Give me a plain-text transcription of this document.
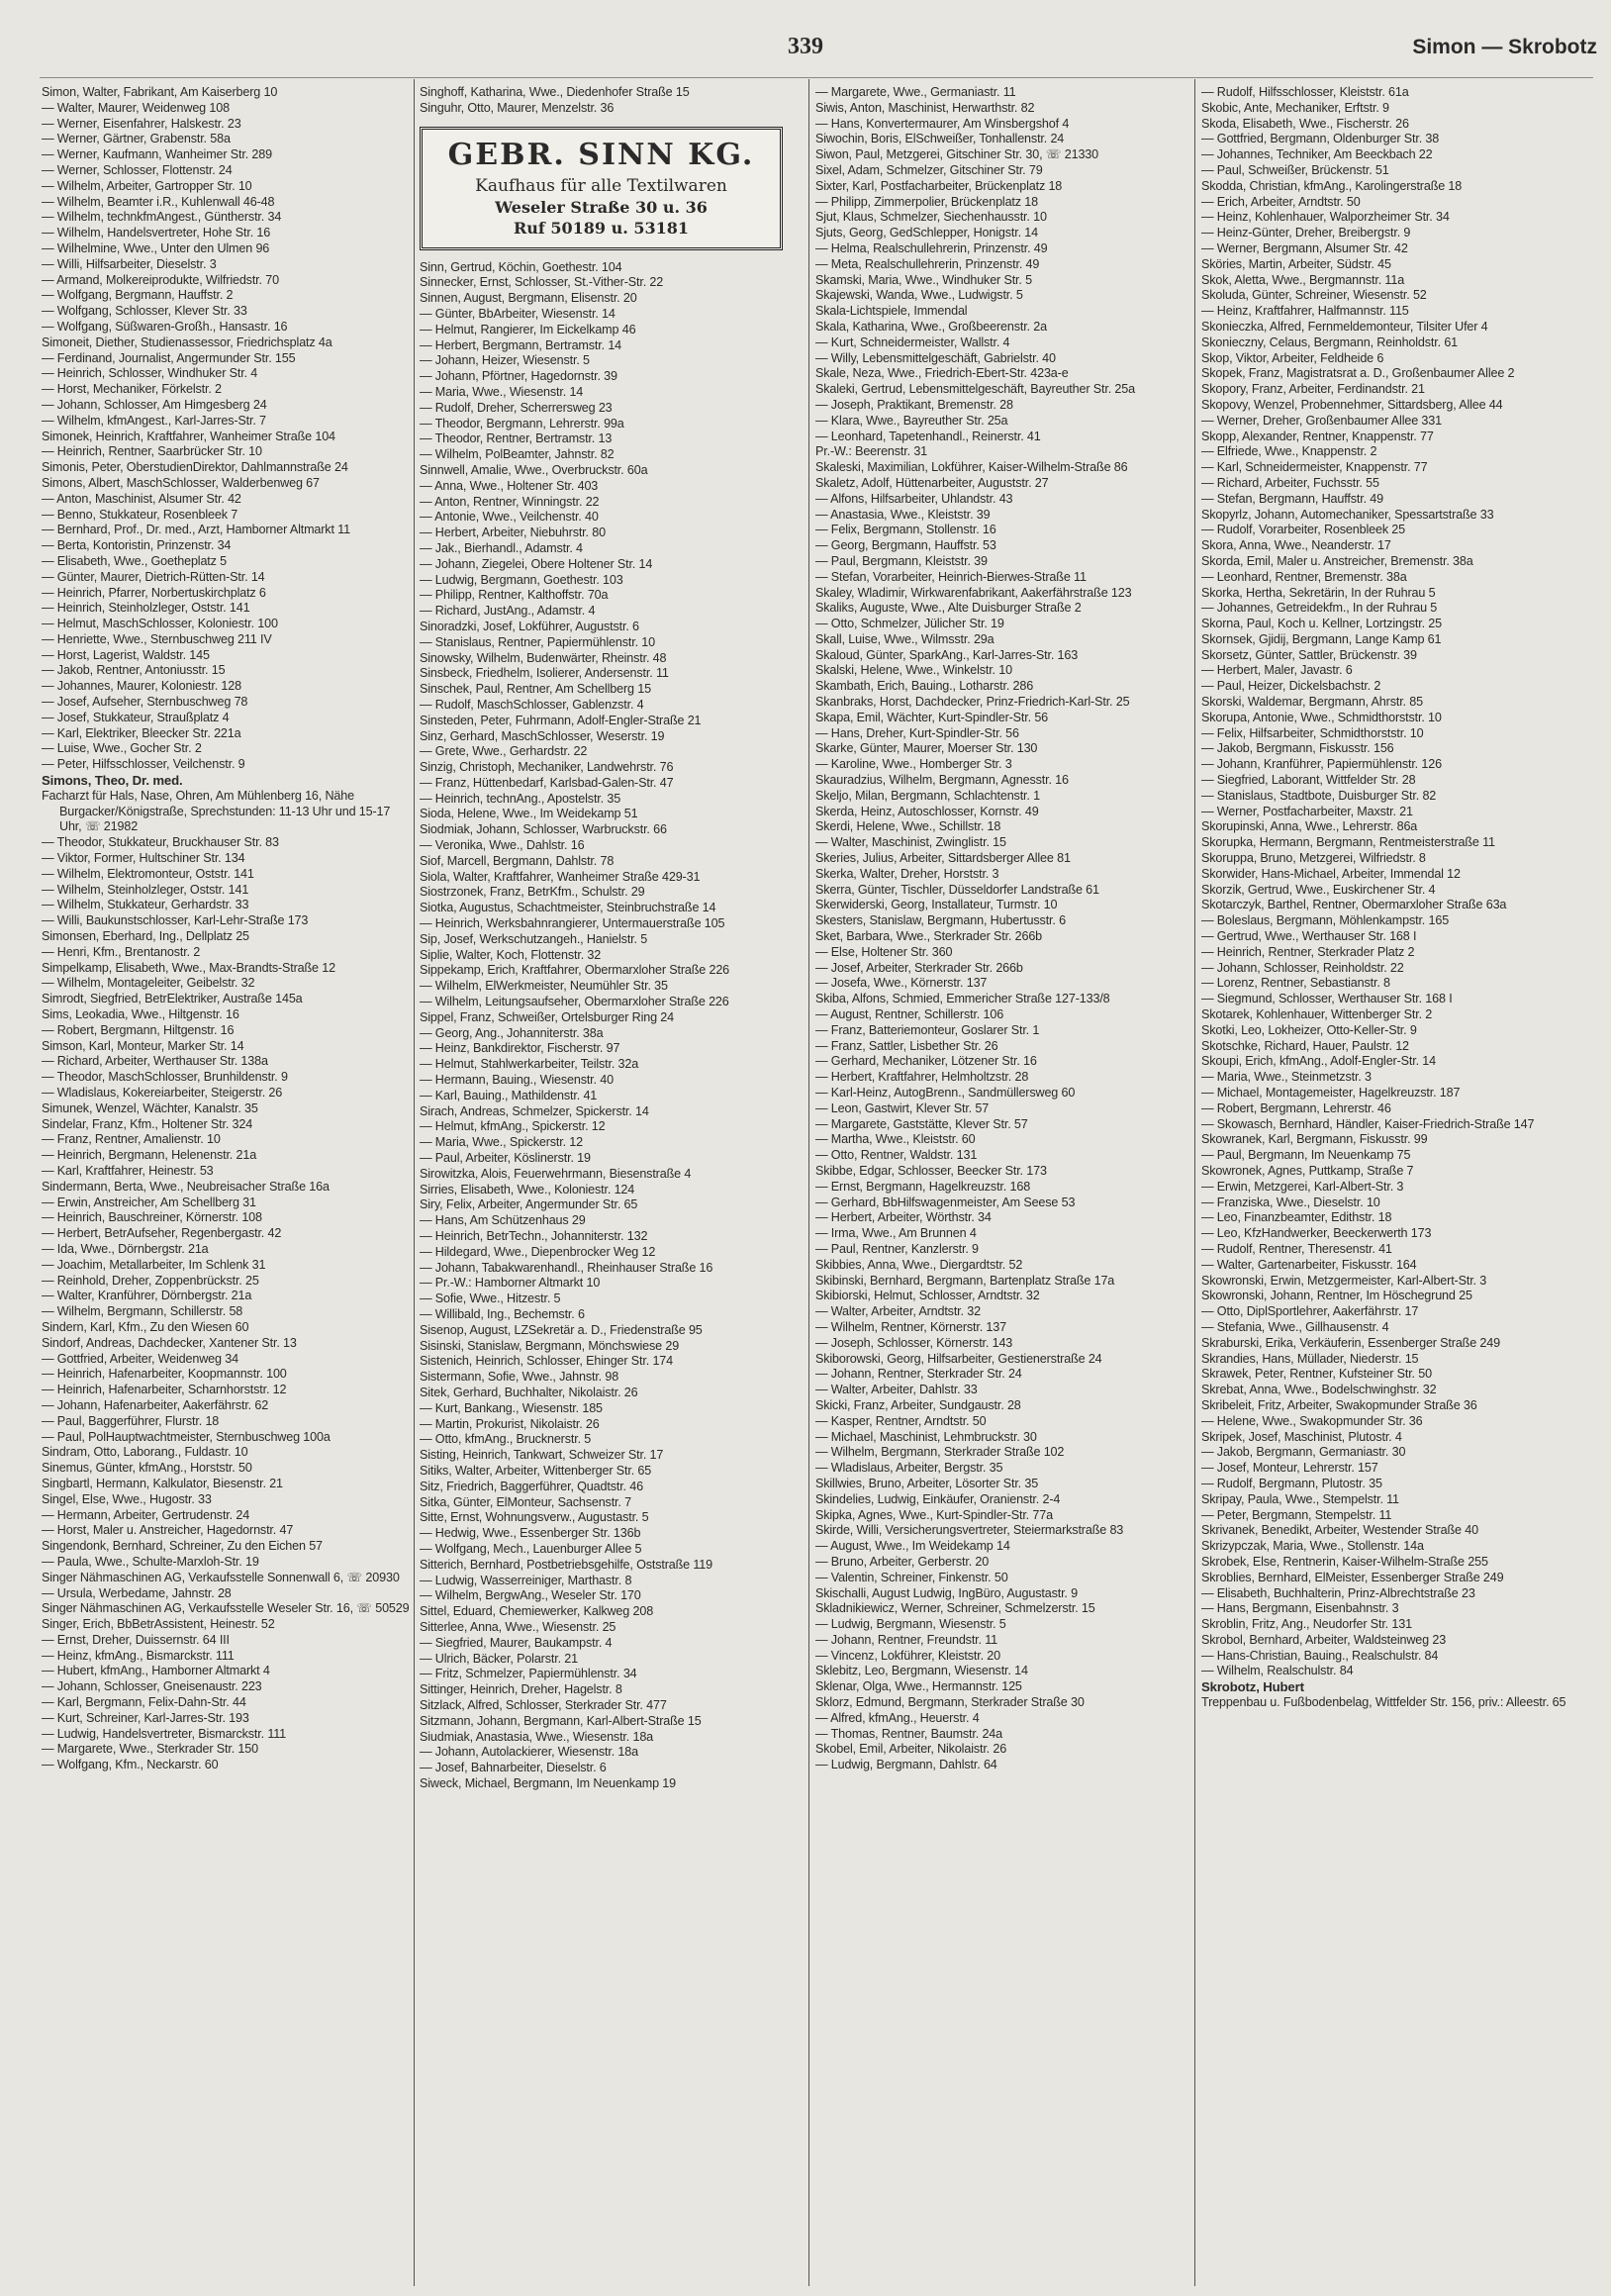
339	Simon — Skrobotz
Simon, Walter, Fabrikant, Am Kaiserberg 10
— Walter, Maurer, Weidenweg 108
— Werner, Eisenfahrer, Halskestr. 23
— Werner, Gärtner, Grabenstr. 58a
— Werner, Kaufmann, Wanheimer Str. 289
— Werner, Schlosser, Flottenstr. 24
— Wilhelm, Arbeiter, Gartropper Str. 10
— Wilhelm, Beamter i.R., Kuhlenwall 46-48
— Wilhelm, technkfmAngest., Güntherstr. 34
— Wilhelm, Handelsvertreter, Hohe Str. 16
— Wilhelmine, Wwe., Unter den Ulmen 96
— Willi, Hilfsarbeiter, Dieselstr. 3
— Armand, Molkereiprodukte, Wilfriedstr. 70
— Wolfgang, Bergmann, Hauffstr. 2
— Wolfgang, Schlosser, Klever Str. 33
— Wolfgang, Süßwaren-Großh., Hansastr. 16
Simoneit, Diether, Studienassessor, Friedrichsplatz 4a
— Ferdinand, Journalist, Angermunder Str. 155
— Heinrich, Schlosser, Windhuker Str. 4
— Horst, Mechaniker, Förkelstr. 2
— Johann, Schlosser, Am Himgesberg 24
— Wilhelm, kfmAngest., Karl-Jarres-Str. 7
Simonek, Heinrich, Kraftfahrer, Wanheimer Straße 104
— Heinrich, Rentner, Saarbrücker Str. 10
Simonis, Peter, OberstudienDirektor, Dahlmannstraße 24
Simons, Albert, MaschSchlosser, Walderbenweg 67
— Anton, Maschinist, Alsumer Str. 42
— Benno, Stukkateur, Rosenbleek 7
— Bernhard, Prof., Dr. med., Arzt, Hamborner Altmarkt 11
— Berta, Kontoristin, Prinzenstr. 34
— Elisabeth, Wwe., Goetheplatz 5
— Günter, Maurer, Dietrich-Rütten-Str. 14
— Heinrich, Pfarrer, Norbertuskirchplatz 6
— Heinrich, Steinholzleger, Oststr. 141
— Helmut, MaschSchlosser, Koloniestr. 100
— Henriette, Wwe., Sternbuschweg 211 IV
— Horst, Lagerist, Waldstr. 145
— Jakob, Rentner, Antoniusstr. 15
— Johannes, Maurer, Koloniestr. 128
— Josef, Aufseher, Sternbuschweg 78
— Josef, Stukkateur, Straußplatz 4
— Karl, Elektriker, Bleecker Str. 221a
— Luise, Wwe., Gocher Str. 2
— Peter, Hilfsschlosser, Veilchenstr. 9
Simons, Theo, Dr. med.
Facharzt für Hals, Nase, Ohren, Am Mühlenberg 16, Nähe Burgacker/Königstraße, Sprechstunden: 11-13 Uhr und 15-17 Uhr, ☏ 21982
— Theodor, Stukkateur, Bruckhauser Str. 83
— Viktor, Former, Hultschiner Str. 134
— Wilhelm, Elektromonteur, Oststr. 141
— Wilhelm, Steinholzleger, Oststr. 141
— Wilhelm, Stukkateur, Gerhardstr. 33
— Willi, Baukunstschlosser, Karl-Lehr-Straße 173
Simonsen, Eberhard, Ing., Dellplatz 25
— Henri, Kfm., Brentanostr. 2
Simpelkamp, Elisabeth, Wwe., Max-Brandts-Straße 12
— Wilhelm, Montageleiter, Geibelstr. 32
Simrodt, Siegfried, BetrElektriker, Austraße 145a
Sims, Leokadia, Wwe., Hiltgenstr. 16
— Robert, Bergmann, Hiltgenstr. 16
Simson, Karl, Monteur, Marker Str. 14
— Richard, Arbeiter, Werthauser Str. 138a
— Theodor, MaschSchlosser, Brunhildenstr. 9
— Wladislaus, Kokereiarbeiter, Steigerstr. 26
Simunek, Wenzel, Wächter, Kanalstr. 35
Sindelar, Franz, Kfm., Holtener Str. 324
— Franz, Rentner, Amalienstr. 10
— Heinrich, Bergmann, Helenenstr. 21a
— Karl, Kraftfahrer, Heinestr. 53
Sindermann, Berta, Wwe., Neubreisacher Straße 16a
— Erwin, Anstreicher, Am Schellberg 31
— Heinrich, Bauschreiner, Körnerstr. 108
— Herbert, BetrAufseher, Regenbergastr. 42
— Ida, Wwe., Dörnbergstr. 21a
— Joachim, Metallarbeiter, Im Schlenk 31
— Reinhold, Dreher, Zoppenbrückstr. 25
— Walter, Kranführer, Dörnbergstr. 21a
— Wilhelm, Bergmann, Schillerstr. 58
Sindern, Karl, Kfm., Zu den Wiesen 60
Sindorf, Andreas, Dachdecker, Xantener Str. 13
— Gottfried, Arbeiter, Weidenweg 34
— Heinrich, Hafenarbeiter, Koopmannstr. 100
— Heinrich, Hafenarbeiter, Scharnhorststr. 12
— Johann, Hafenarbeiter, Aakerfährstr. 62
— Paul, Baggerführer, Flurstr. 18
— Paul, PolHauptwachtmeister, Sternbuschweg 100a
Sindram, Otto, Laborang., Fuldastr. 10
Sinemus, Günter, kfmAng., Horststr. 50
Singbartl, Hermann, Kalkulator, Biesenstr. 21
Singel, Else, Wwe., Hugostr. 33
— Hermann, Arbeiter, Gertrudenstr. 24
— Horst, Maler u. Anstreicher, Hagedornstr. 47
Singendonk, Bernhard, Schreiner, Zu den Eichen 57
— Paula, Wwe., Schulte-Marxloh-Str. 19
Singer Nähmaschinen AG, Verkaufsstelle Sonnenwall 6, ☏ 20930
— Ursula, Werbedame, Jahnstr. 28
Singer Nähmaschinen AG, Verkaufsstelle Weseler Str. 16, ☏ 50529
Singer, Erich, BbBetrAssistent, Heinestr. 52
— Ernst, Dreher, Duissernstr. 64 III
— Heinz, kfmAng., Bismarckstr. 111
— Hubert, kfmAng., Hamborner Altmarkt 4
— Johann, Schlosser, Gneisenaustr. 223
— Karl, Bergmann, Felix-Dahn-Str. 44
— Kurt, Schreiner, Karl-Jarres-Str. 193
— Ludwig, Handelsvertreter, Bismarckstr. 111
— Margarete, Wwe., Sterkrader Str. 150
— Wolfgang, Kfm., Neckarstr. 60
Singhoff, Katharina, Wwe., Diedenhofer Straße 15
Singuhr, Otto, Maurer, Menzelstr. 36
GEBR. SINN KG.
Kaufhaus für alle Textilwaren
Weseler Straße 30 u. 36
Ruf 50189 u. 53181
Sinn, Gertrud, Köchin, Goethestr. 104
Sinnecker, Ernst, Schlosser, St.-Vither-Str. 22
Sinnen, August, Bergmann, Elisenstr. 20
— Günter, BbArbeiter, Wiesenstr. 14
— Helmut, Rangierer, Im Eickelkamp 46
— Herbert, Bergmann, Bertramstr. 14
— Johann, Heizer, Wiesenstr. 5
— Johann, Pförtner, Hagedornstr. 39
— Maria, Wwe., Wiesenstr. 14
— Rudolf, Dreher, Scherrersweg 23
— Theodor, Bergmann, Lehrerstr. 99a
— Theodor, Rentner, Bertramstr. 13
— Wilhelm, PolBeamter, Jahnstr. 82
Sinnwell, Amalie, Wwe., Overbruckstr. 60a
— Anna, Wwe., Holtener Str. 403
— Anton, Rentner, Winningstr. 22
— Antonie, Wwe., Veilchenstr. 40
— Herbert, Arbeiter, Niebuhrstr. 80
— Jak., Bierhandl., Adamstr. 4
— Johann, Ziegelei, Obere Holtener Str. 14
— Ludwig, Bergmann, Goethestr. 103
— Philipp, Rentner, Kalthoffstr. 70a
— Richard, JustAng., Adamstr. 4
Sinoradzki, Josef, Lokführer, Auguststr. 6
— Stanislaus, Rentner, Papiermühlenstr. 10
Sinowsky, Wilhelm, Budenwärter, Rheinstr. 48
Sinsbeck, Friedhelm, Isolierer, Andersenstr. 11
Sinschek, Paul, Rentner, Am Schellberg 15
— Rudolf, MaschSchlosser, Gablenzstr. 4
Sinsteden, Peter, Fuhrmann, Adolf-Engler-Straße 21
Sinz, Gerhard, MaschSchlosser, Weserstr. 19
— Grete, Wwe., Gerhardstr. 22
Sinzig, Christoph, Mechaniker, Landwehrstr. 76
— Franz, Hüttenbedarf, Karlsbad-Galen-Str. 47
— Heinrich, technAng., Apostelstr. 35
Sioda, Helene, Wwe., Im Weidekamp 51
Siodmiak, Johann, Schlosser, Warbruckstr. 66
— Veronika, Wwe., Dahlstr. 16
Siof, Marcell, Bergmann, Dahlstr. 78
Siola, Walter, Kraftfahrer, Wanheimer Straße 429-31
Siostrzonek, Franz, BetrKfm., Schulstr. 29
Siotka, Augustus, Schachtmeister, Steinbruchstraße 14
— Heinrich, Werksbahnrangierer, Untermauerstraße 105
Sip, Josef, Werkschutzangeh., Hanielstr. 5
Siplie, Walter, Koch, Flottenstr. 32
Sippekamp, Erich, Kraftfahrer, Obermarxloher Straße 226
— Wilhelm, ElWerkmeister, Neumühler Str. 35
— Wilhelm, Leitungsaufseher, Obermarxloher Straße 226
Sippel, Franz, Schweißer, Ortelsburger Ring 24
— Georg, Ang., Johanniterstr. 38a
— Heinz, Bankdirektor, Fischerstr. 97
— Helmut, Stahlwerkarbeiter, Teilstr. 32a
— Hermann, Bauing., Wiesenstr. 40
— Karl, Bauing., Mathildenstr. 41
Sirach, Andreas, Schmelzer, Spickerstr. 14
— Helmut, kfmAng., Spickerstr. 12
— Maria, Wwe., Spickerstr. 12
— Paul, Arbeiter, Köslinerstr. 19
Sirowitzka, Alois, Feuerwehrmann, Biesenstraße 4
Sirries, Elisabeth, Wwe., Koloniestr. 124
Siry, Felix, Arbeiter, Angermunder Str. 65
— Hans, Am Schützenhaus 29
— Heinrich, BetrTechn., Johanniterstr. 132
— Hildegard, Wwe., Diepenbrocker Weg 12
— Johann, Tabakwarenhandl., Rheinhauser Straße 16
— Pr.-W.: Hamborner Altmarkt 10
— Sofie, Wwe., Hitzestr. 5
— Willibald, Ing., Bechemstr. 6
Sisenop, August, LZSekretär a. D., Friedenstraße 95
Sisinski, Stanislaw, Bergmann, Mönchswiese 29
Sistenich, Heinrich, Schlosser, Ehinger Str. 174
Sistermann, Sofie, Wwe., Jahnstr. 98
Sitek, Gerhard, Buchhalter, Nikolaistr. 26
— Kurt, Bankang., Wiesenstr. 185
— Martin, Prokurist, Nikolaistr. 26
— Otto, kfmAng., Brucknerstr. 5
Sisting, Heinrich, Tankwart, Schweizer Str. 17
Sitiks, Walter, Arbeiter, Wittenberger Str. 65
Sitz, Friedrich, Baggerführer, Quadtstr. 46
Sitka, Günter, ElMonteur, Sachsenstr. 7
Sitte, Ernst, Wohnungsverw., Augustastr. 5
— Hedwig, Wwe., Essenberger Str. 136b
— Wolfgang, Mech., Lauenburger Allee 5
Sitterich, Bernhard, Postbetriebsgehilfe, Oststraße 119
— Ludwig, Wasserreiniger, Marthastr. 8
— Wilhelm, BergwAng., Weseler Str. 170
Sittel, Eduard, Chemiewerker, Kalkweg 208
Sitterlee, Anna, Wwe., Wiesenstr. 25
— Siegfried, Maurer, Baukampstr. 4
— Ulrich, Bäcker, Polarstr. 21
— Fritz, Schmelzer, Papiermühlenstr. 34
Sittinger, Heinrich, Dreher, Hagelstr. 8
Sitzlack, Alfred, Schlosser, Sterkrader Str. 477
Sitzmann, Johann, Bergmann, Karl-Albert-Straße 15
Siudmiak, Anastasia, Wwe., Wiesenstr. 18a
— Johann, Autolackierer, Wiesenstr. 18a
— Josef, Bahnarbeiter, Dieselstr. 6
Siweck, Michael, Bergmann, Im Neuenkamp 19
— Margarete, Wwe., Germaniastr. 11
Siwis, Anton, Maschinist, Herwarthstr. 82
— Hans, Konvertermaurer, Am Winsbergshof 4
Siwochin, Boris, ElSchweißer, Tonhallenstr. 24
Siwon, Paul, Metzgerei, Gitschiner Str. 30, ☏ 21330
Sixel, Adam, Schmelzer, Gitschiner Str. 79
Sixter, Karl, Postfacharbeiter, Brückenplatz 18
— Philipp, Zimmerpolier, Brückenplatz 18
Sjut, Klaus, Schmelzer, Siechenhausstr. 10
Sjuts, Georg, GedSchlepper, Honigstr. 14
— Helma, Realschullehrerin, Prinzenstr. 49
— Meta, Realschullehrerin, Prinzenstr. 49
Skamski, Maria, Wwe., Windhuker Str. 5
Skajewski, Wanda, Wwe., Ludwigstr. 5
Skala-Lichtspiele, Immendal
Skala, Katharina, Wwe., Großbeerenstr. 2a
— Kurt, Schneidermeister, Wallstr. 4
— Willy, Lebensmittelgeschäft, Gabrielstr. 40
Skale, Neza, Wwe., Friedrich-Ebert-Str. 423a-e
Skaleki, Gertrud, Lebensmittelgeschäft, Bayreuther Str. 25a
— Joseph, Praktikant, Bremenstr. 28
— Klara, Wwe., Bayreuther Str. 25a
— Leonhard, Tapetenhandl., Reinerstr. 41
Pr.-W.: Beerenstr. 31
Skaleski, Maximilian, Lokführer, Kaiser-Wilhelm-Straße 86
Skaletz, Adolf, Hüttenarbeiter, Auguststr. 27
— Alfons, Hilfsarbeiter, Uhlandstr. 43
— Anastasia, Wwe., Kleiststr. 39
— Felix, Bergmann, Stollenstr. 16
— Georg, Bergmann, Hauffstr. 53
— Paul, Bergmann, Kleiststr. 39
— Stefan, Vorarbeiter, Heinrich-Bierwes-Straße 11
Skaley, Wladimir, Wirkwarenfabrikant, Aakerfährstraße 123
Skaliks, Auguste, Wwe., Alte Duisburger Straße 2
— Otto, Schmelzer, Jülicher Str. 19
Skall, Luise, Wwe., Wilmsstr. 29a
Skaloud, Günter, SparkAng., Karl-Jarres-Str. 163
Skalski, Helene, Wwe., Winkelstr. 10
Skambath, Erich, Bauing., Lotharstr. 286
Skanbraks, Horst, Dachdecker, Prinz-Friedrich-Karl-Str. 25
Skapa, Emil, Wächter, Kurt-Spindler-Str. 56
— Hans, Dreher, Kurt-Spindler-Str. 56
Skarke, Günter, Maurer, Moerser Str. 130
— Karoline, Wwe., Homberger Str. 3
Skauradzius, Wilhelm, Bergmann, Agnesstr. 16
Skeljo, Milan, Bergmann, Schlachtenstr. 1
Skerda, Heinz, Autoschlosser, Kornstr. 49
Skerdi, Helene, Wwe., Schillstr. 18
— Walter, Maschinist, Zwinglistr. 15
Skeries, Julius, Arbeiter, Sittardsberger Allee 81
Skerka, Walter, Dreher, Horststr. 3
Skerra, Günter, Tischler, Düsseldorfer Landstraße 61
Skerwiderski, Georg, Installateur, Turmstr. 10
Skesters, Stanislaw, Bergmann, Hubertusstr. 6
Sket, Barbara, Wwe., Sterkrader Str. 266b
— Else, Holtener Str. 360
— Josef, Arbeiter, Sterkrader Str. 266b
— Josefa, Wwe., Körnerstr. 137
Skiba, Alfons, Schmied, Emmericher Straße 127-133/8
— August, Rentner, Schillerstr. 106
— Franz, Batteriemonteur, Goslarer Str. 1
— Franz, Sattler, Lisbether Str. 26
— Gerhard, Mechaniker, Lötzener Str. 16
— Herbert, Kraftfahrer, Helmholtzstr. 28
— Karl-Heinz, AutogBrenn., Sandmüllersweg 60
— Leon, Gastwirt, Klever Str. 57
— Margarete, Gaststätte, Klever Str. 57
— Martha, Wwe., Kleiststr. 60
— Otto, Rentner, Waldstr. 131
Skibbe, Edgar, Schlosser, Beecker Str. 173
— Ernst, Bergmann, Hagelkreuzstr. 168
— Gerhard, BbHilfswagenmeister, Am Seese 53
— Herbert, Arbeiter, Wörthstr. 34
— Irma, Wwe., Am Brunnen 4
— Paul, Rentner, Kanzlerstr. 9
Skibbies, Anna, Wwe., Diergardtstr. 52
Skibinski, Bernhard, Bergmann, Bartenplatz Straße 17a
Skibiorski, Helmut, Schlosser, Arndtstr. 32
— Walter, Arbeiter, Arndtstr. 32
— Wilhelm, Rentner, Körnerstr. 137
— Joseph, Schlosser, Körnerstr. 143
Skiborowski, Georg, Hilfsarbeiter, Gestienerstraße 24
— Johann, Rentner, Sterkrader Str. 24
— Walter, Arbeiter, Dahlstr. 33
Skicki, Franz, Arbeiter, Sundgaustr. 28
— Kasper, Rentner, Arndtstr. 50
— Michael, Maschinist, Lehmbruckstr. 30
— Wilhelm, Bergmann, Sterkrader Straße 102
— Wladislaus, Arbeiter, Bergstr. 35
Skillwies, Bruno, Arbeiter, Lösorter Str. 35
Skindelies, Ludwig, Einkäufer, Oranienstr. 2-4
Skipka, Agnes, Wwe., Kurt-Spindler-Str. 77a
Skirde, Willi, Versicherungsvertreter, Steiermarkstraße 83
— August, Wwe., Im Weidekamp 14
— Bruno, Arbeiter, Gerberstr. 20
— Valentin, Schreiner, Finkenstr. 50
Skischalli, August Ludwig, IngBüro, Augustastr. 9
Skladnikiewicz, Werner, Schreiner, Schmelzerstr. 15
— Ludwig, Bergmann, Wiesenstr. 5
— Johann, Rentner, Freundstr. 11
— Vincenz, Lokführer, Kleiststr. 20
Sklebitz, Leo, Bergmann, Wiesenstr. 14
Sklenar, Olga, Wwe., Hermannstr. 125
Sklorz, Edmund, Bergmann, Sterkrader Straße 30
— Alfred, kfmAng., Heuerstr. 4
— Thomas, Rentner, Baumstr. 24a
Skobel, Emil, Arbeiter, Nikolaistr. 26
— Ludwig, Bergmann, Dahlstr. 64
— Rudolf, Hilfsschlosser, Kleiststr. 61a
Skobic, Ante, Mechaniker, Erftstr. 9
Skoda, Elisabeth, Wwe., Fischerstr. 26
— Gottfried, Bergmann, Oldenburger Str. 38
— Johannes, Techniker, Am Beeckbach 22
— Paul, Schweißer, Brückenstr. 51
Skodda, Christian, kfmAng., Karolingerstraße 18
— Erich, Arbeiter, Arndtstr. 50
— Heinz, Kohlenhauer, Walporzheimer Str. 34
— Heinz-Günter, Dreher, Breibergstr. 9
— Werner, Bergmann, Alsumer Str. 42
Sköries, Martin, Arbeiter, Südstr. 45
Skok, Aletta, Wwe., Bergmannstr. 11a
Skoluda, Günter, Schreiner, Wiesenstr. 52
— Heinz, Kraftfahrer, Halfmannstr. 115
Skonieczka, Alfred, Fernmeldemonteur, Tilsiter Ufer 4
Skonieczny, Celaus, Bergmann, Reinholdstr. 61
Skop, Viktor, Arbeiter, Feldheide 6
Skopek, Franz, Magistratsrat a. D., Großenbaumer Allee 2
Skopory, Franz, Arbeiter, Ferdinandstr. 21
Skopovy, Wenzel, Probennehmer, Sittardsberg, Allee 44
— Werner, Dreher, Großenbaumer Allee 331
Skopp, Alexander, Rentner, Knappenstr. 77
— Elfriede, Wwe., Knappenstr. 2
— Karl, Schneidermeister, Knappenstr. 77
— Richard, Arbeiter, Fuchsstr. 55
— Stefan, Bergmann, Hauffstr. 49
Skopyrlz, Johann, Automechaniker, Spessartstraße 33
— Rudolf, Vorarbeiter, Rosenbleek 25
Skora, Anna, Wwe., Neanderstr. 17
Skorda, Emil, Maler u. Anstreicher, Bremenstr. 38a
— Leonhard, Rentner, Bremenstr. 38a
Skorka, Hertha, Sekretärin, In der Ruhrau 5
— Johannes, Getreidekfm., In der Ruhrau 5
Skorna, Paul, Koch u. Kellner, Lortzingstr. 25
Skornsek, Gjidij, Bergmann, Lange Kamp 61
Skorsetz, Günter, Sattler, Brückenstr. 39
— Herbert, Maler, Javastr. 6
— Paul, Heizer, Dickelsbachstr. 2
Skorski, Waldemar, Bergmann, Ahrstr. 85
Skorupa, Antonie, Wwe., Schmidthorststr. 10
— Felix, Hilfsarbeiter, Schmidthorststr. 10
— Jakob, Bergmann, Fiskusstr. 156
— Johann, Kranführer, Papiermühlenstr. 126
— Siegfried, Laborant, Wittfelder Str. 28
— Stanislaus, Stadtbote, Duisburger Str. 82
— Werner, Postfacharbeiter, Maxstr. 21
Skorupinski, Anna, Wwe., Lehrerstr. 86a
Skorupka, Hermann, Bergmann, Rentmeisterstraße 11
Skoruppa, Bruno, Metzgerei, Wilfriedstr. 8
Skorwider, Hans-Michael, Arbeiter, Immendal 12
Skorzik, Gertrud, Wwe., Euskirchener Str. 4
Skotarczyk, Barthel, Rentner, Obermarxloher Straße 63a
— Boleslaus, Bergmann, Möhlenkampstr. 165
— Gertrud, Wwe., Werthauser Str. 168 I
— Heinrich, Rentner, Sterkrader Platz 2
— Johann, Schlosser, Reinholdstr. 22
— Lorenz, Rentner, Sebastianstr. 8
— Siegmund, Schlosser, Werthauser Str. 168 I
Skotarek, Kohlenhauer, Wittenberger Str. 2
Skotki, Leo, Lokheizer, Otto-Keller-Str. 9
Skotschke, Richard, Hauer, Paulstr. 12
Skoupi, Erich, kfmAng., Adolf-Engler-Str. 14
— Maria, Wwe., Steinmetzstr. 3
— Michael, Montagemeister, Hagelkreuzstr. 187
— Robert, Bergmann, Lehrerstr. 46
— Skowasch, Bernhard, Händler, Kaiser-Friedrich-Straße 147
Skowranek, Karl, Bergmann, Fiskusstr. 99
— Paul, Bergmann, Im Neuenkamp 75
Skowronek, Agnes, Puttkamp, Straße 7
— Erwin, Metzgerei, Karl-Albert-Str. 3
— Franziska, Wwe., Dieselstr. 10
— Leo, Finanzbeamter, Edithstr. 18
— Leo, KfzHandwerker, Beeckerwerth 173
— Rudolf, Rentner, Theresenstr. 41
— Walter, Gartenarbeiter, Fiskusstr. 164
Skowronski, Erwin, Metzgermeister, Karl-Albert-Str. 3
Skowronski, Johann, Rentner, Im Höschegrund 25
— Otto, DiplSportlehrer, Aakerfährstr. 17
— Stefania, Wwe., Gillhausenstr. 4
Skraburski, Erika, Verkäuferin, Essenberger Straße 249
Skrandies, Hans, Müllader, Niederstr. 15
Skrawek, Peter, Rentner, Kufsteiner Str. 50
Skrebat, Anna, Wwe., Bodelschwinghstr. 32
Skribeleit, Fritz, Arbeiter, Swakopmunder Straße 36
— Helene, Wwe., Swakopmunder Str. 36
Skripek, Josef, Maschinist, Plutostr. 4
— Jakob, Bergmann, Germaniastr. 30
— Josef, Monteur, Lehrerstr. 157
— Rudolf, Bergmann, Plutostr. 35
Skripay, Paula, Wwe., Stempelstr. 11
— Peter, Bergmann, Stempelstr. 11
Skrivanek, Benedikt, Arbeiter, Westender Straße 40
Skrizypczak, Maria, Wwe., Stollenstr. 14a
Skrobek, Else, Rentnerin, Kaiser-Wilhelm-Straße 255
Skroblies, Bernhard, ElMeister, Essenberger Straße 249
— Elisabeth, Buchhalterin, Prinz-Albrechtstraße 23
— Hans, Bergmann, Eisenbahnstr. 3
Skroblin, Fritz, Ang., Neudorfer Str. 131
Skrobol, Bernhard, Arbeiter, Waldsteinweg 23
— Hans-Christian, Bauing., Realschulstr. 84
— Wilhelm, Realschulstr. 84
Skrobotz, Hubert
Treppenbau u. Fußbodenbelag, Wittfelder Str. 156, priv.: Alleestr. 65
